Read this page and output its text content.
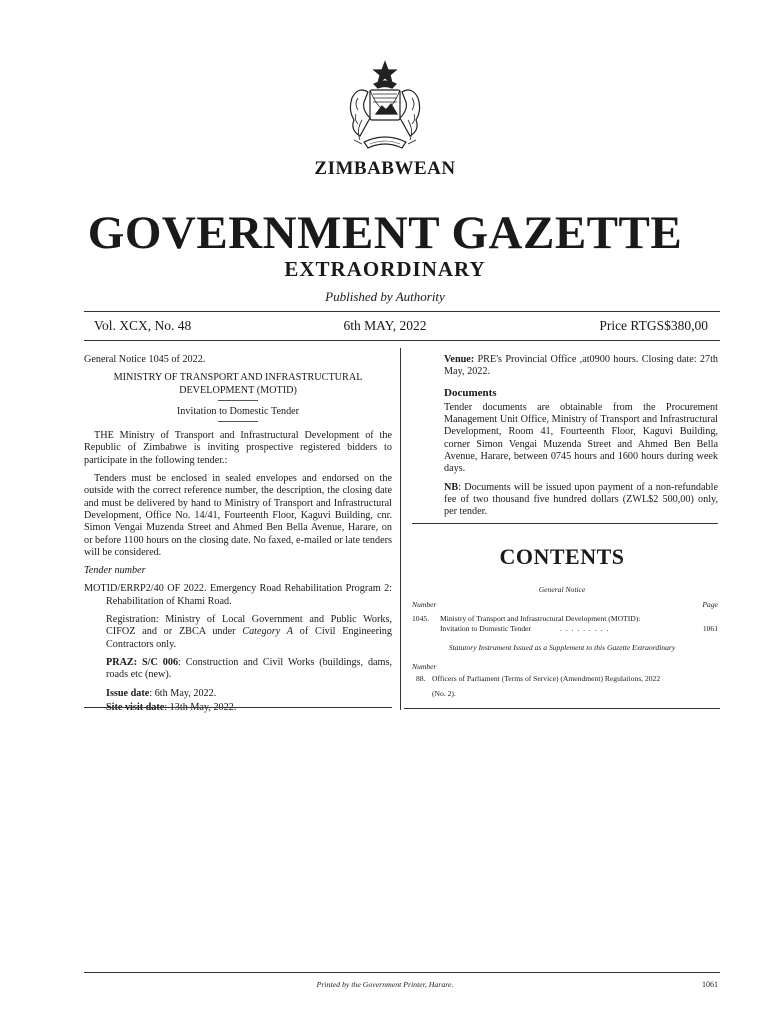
ZIMBABWEAN
GOVERNMENT GAZETTE
EXTRAORDINARY
Published by Authority
Vol. XCX, No. 48	6th MAY, 2022	Price RTGS$380,00

General Notice 1045 of 2022.

MINISTRY OF TRANSPORT AND INFRASTRUCTURAL DEVELOPMENT (MOTID)

Invitation to Domestic Tender

THE Ministry of Transport and Infrastructural Development of the Republic of Zimbabwe is inviting prospective registered bidders to participate in the following tender.:

Tenders must be enclosed in sealed envelopes and endorsed on the outside with the correct reference number, the description, the closing date and must be delivered by hand to Ministry of Transport and Infrastructural Development, Office No. 14/41, Fourteenth Floor, Kaguvi Building, cnr. Simon Vengai Muzenda Street and Ahmed Ben Bella Avenue, Harare, on or before 1100 hours on the closing date. No faxed, e-mailed or late tenders will be considered.

Tender number

MOTID/ERRP2/40 OF 2022. Emergency Road Rehabilitation Program 2: Rehabilitation of Khami Road.

Registration: Ministry of Local Government and Public Works, CIFOZ and or ZBCA under Category A of Civil Engineering Contractors only.

PRAZ: S/C 006: Construction and Civil Works (buildings, dams, roads etc (new).

Issue date: 6th May, 2022.

Site visit date: 13th May, 2022.

Venue: PRE's Provincial Office ,at0900 hours. Closing date: 27th May, 2022.

Documents

Tender documents are obtainable from the Procurement Management Unit Office, Ministry of Transport and Infrastructural Development, Room 41, Fourteenth Floor, Kaguvi Building, corner Simon Vengai Muzenda Street and Ahmed Ben Bella Avenue, Harare, between 0745 hours and 1600 hours during week days.

NB: Documents will be issued upon payment of a non-refundable fee of two thousand five hundred dollars (ZWL$2 500,00) only, per tender.

CONTENTS
General Notice
Number	Page
1045. Ministry of Transport and Infrastructural Development (MOTID):
Invitation to Domestic Tender	. . . . . . . . .	1061
Statutory Instrument Issued as a Supplement to this Gazette Extraordinary
Number
88. Officers of Parliament (Terms of Service) (Amendment) Regulations, 2022
(No. 2).
Printed by the Government Printer, Harare.	1061
